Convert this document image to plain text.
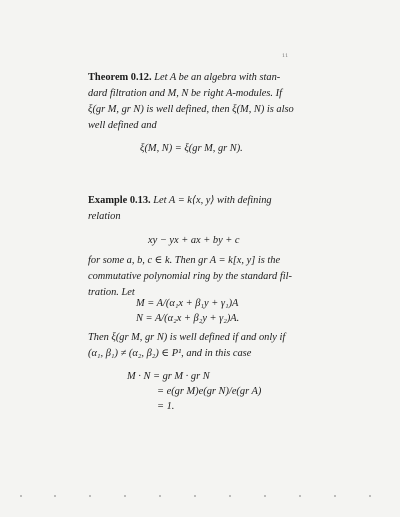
11
Theorem 0.12. Let A be an algebra with stan-
dard filtration and M, N be right A-modules. If
ξ(gr M, gr N) is well defined, then ξ(M, N) is also
well defined and
ξ(M, N) = ξ(gr M, gr N).
Example 0.13. Let A = k⟨x, y⟩ with defining
relation
xy − yx + ax + by + c
for some a, b, c ∈ k. Then gr A = k[x, y] is the
commutative polynomial ring by the standard fil-
tration. Let
M = A/(α₁x + β₁y + γ₁)A
N = A/(α₂x + β₂y + γ₂)A.
Then ξ(gr M, gr N) is well defined if and only if
(α₁, β₁) ≠ (α₂, β₂) ∈ P¹, and in this case
M · N = gr M · gr N
= e(gr M)e(gr N)/e(gr A)
= 1.
